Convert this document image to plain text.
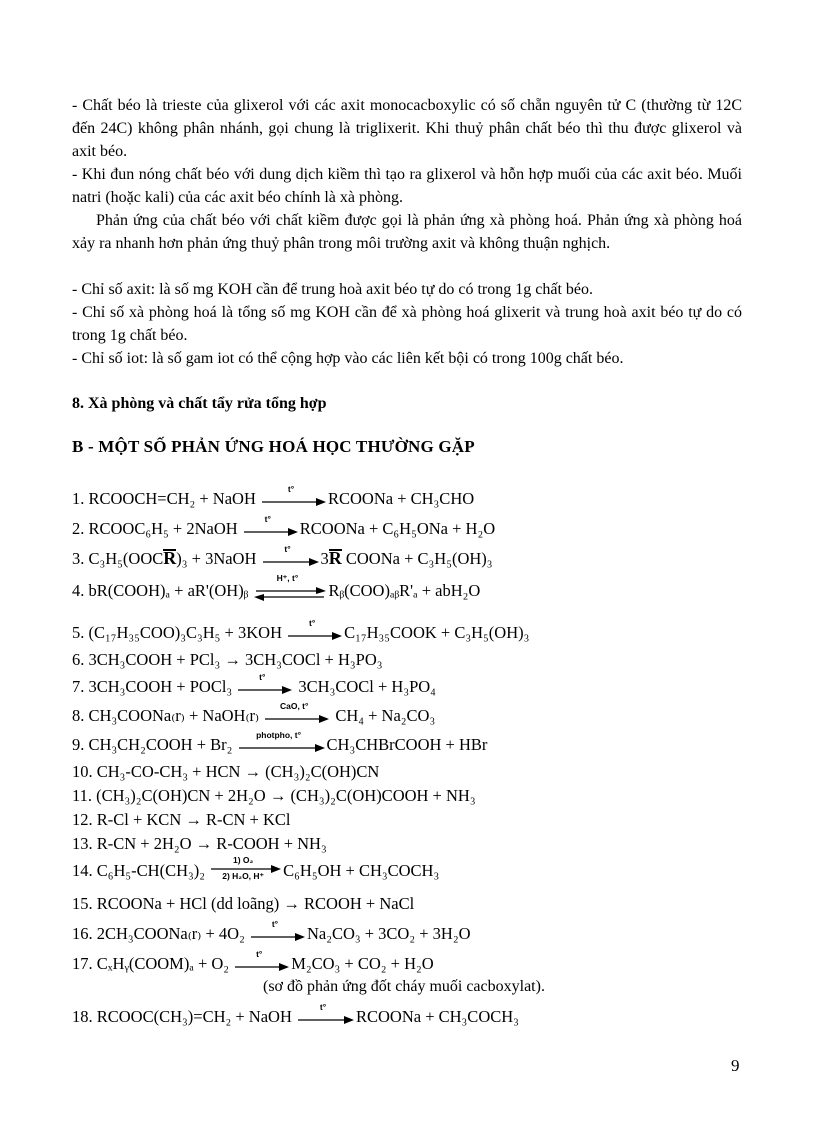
- Chất béo là trieste của glixerol với các axit monocacboxylic có số chẵn nguyên tử C (thường từ 12C đến 24C) không phân nhánh, gọi chung là triglixerit. Khi thuỷ phân chất béo thì thu được glixerol và axit béo.

- Khi đun nóng chất béo với dung dịch kiềm thì tạo ra glixerol và hỗn hợp muối của các axit béo. Muối natri (hoặc kali) của các axit béo chính là xà phòng.

Phản ứng của chất béo với chất kiềm được gọi là phản ứng xà phòng hoá. Phản ứng xà phòng hoá xảy ra nhanh hơn phản ứng thuỷ phân trong môi trường axit và không thuận nghịch.

- Chỉ số axit: là số mg KOH cần để trung hoà axit béo tự do có trong 1g chất béo.

- Chỉ số xà phòng hoá là tổng số mg KOH cần để xà phòng hoá glixerit và trung hoà axit béo tự do có trong 1g chất béo.

- Chỉ số iot: là số gam iot có thể cộng hợp vào các liên kết bội có trong 100g chất béo.

8. Xà phòng và chất tẩy rửa tổng hợp

B - MỘT SỐ PHẢN ỨNG HOÁ HỌC THƯỜNG GẶP

1. RCOOCH=CH₂ + NaOH	t°	RCOONa + CH₃CHO
2. RCOOC₆H₅ + 2NaOH	t°	RCOONa + C₆H₅ONa + H₂O
3. C₃H₅(OOC
R)₃ + 3NaOH	t°	3
R COONa + C₃H₅(OH)₃
4. bR(COOH)ₐ + aR'(OH)ᵦ
H⁺, t°
Rᵦ(COO)ₐᵦR'ₐ + abH₂O
5. (C₁₇H₃₅COO)₃C₃H₅ + 3KOH	t°	C₁₇H₃₅COOK + C₃H₅(OH)₃
6. 3CH₃COOH + PCl₃ → 3CH₃COCl + H₃PO₃
7. 3CH₃COOH + POCl₃	t°	3CH₃COCl + H₃PO₄
8. CH₃COONa₍r₎ + NaOH₍r₎	CaO, t°	CH₄ + Na₂CO₃
9. CH₃CH₂COOH + Br₂	photpho, t°	CH₃CHBrCOOH + HBr
10. CH₃-CO-CH₃ + HCN → (CH₃)₂C(OH)CN
11. (CH₃)₂C(OH)CN + 2H₂O → (CH₃)₂C(OH)COOH + NH₃
12. R-Cl + KCN → R-CN + KCl
13. R-CN + 2H₂O → R-COOH + NH₃
14. C₆H₅-CH(CH₃)₂
1) O₂
2) H₂O, H⁺	C₆H₅OH + CH₃COCH₃
15. RCOONa + HCl (dd loãng) → RCOOH + NaCl
16. 2CH₃COONa₍r₎ + 4O₂	t°	Na₂CO₃ + 3CO₂ + 3H₂O
17. CₓHᵧ(COOM)ₐ + O₂	t°	M₂CO₃ + CO₂ + H₂O

(sơ đồ phản ứng đốt cháy muối cacboxylat).

18. RCOOC(CH₃)=CH₂ + NaOH	t°	RCOONa + CH₃COCH₃
9
